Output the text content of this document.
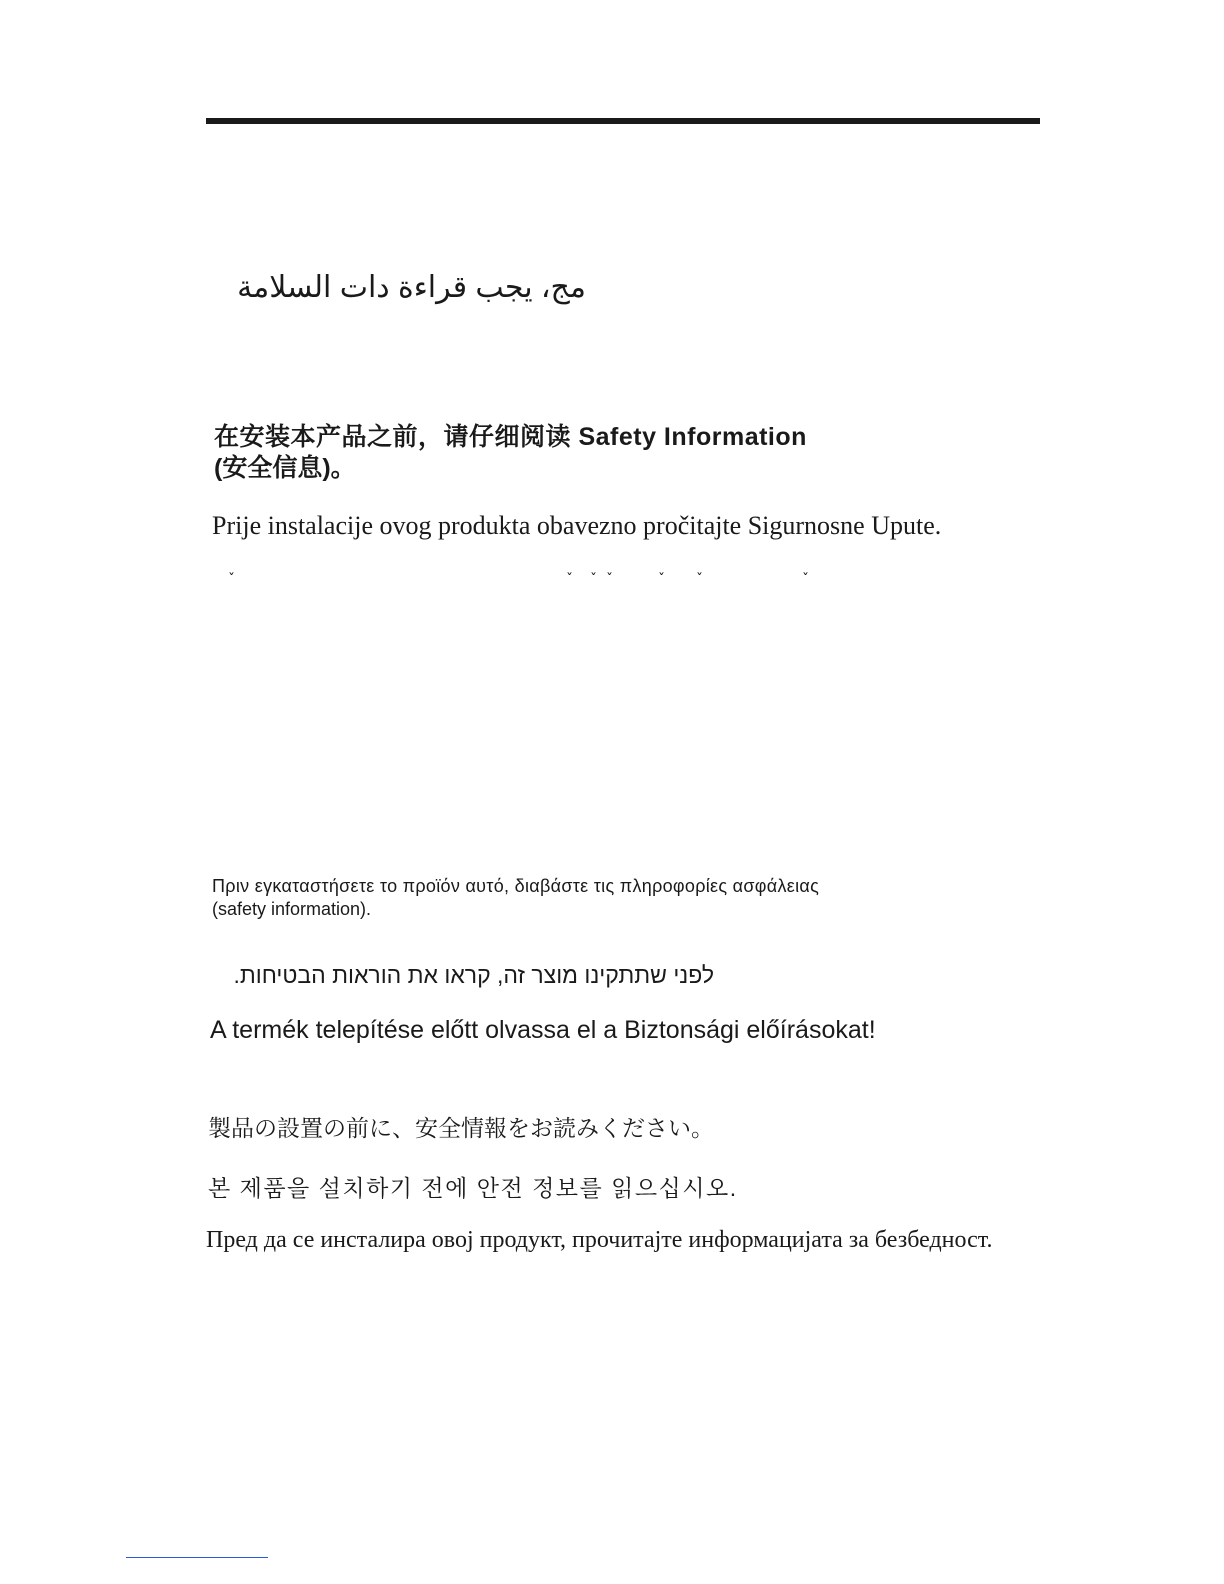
مج، يجب قراءة دات السلامة

在安装本产品之前，请仔细阅读 Safety Information

(安全信息)。

Prije instalacije ovog produkta obavezno pročitajte Sigurnosne Upute.

ˇ	ˇ ˇ ˇ	ˇ ˇ	ˇ

Πριν εγκαταστήσετε το προϊόν αυτό, διαβάστε τις πληροφορίες ασφάλειας

(safety information).

לפני שתתקינו מוצר זה, קראו את הוראות הבטיחות.

A termék telepítése előtt olvassa el a Biztonsági előírásokat!

製品の設置の前に、安全情報をお読みください。

본 제품을 설치하기 전에 안전 정보를 읽으십시오.

Пред да се инсталира овој продукт, прочитајте информацијата за безбедност.
